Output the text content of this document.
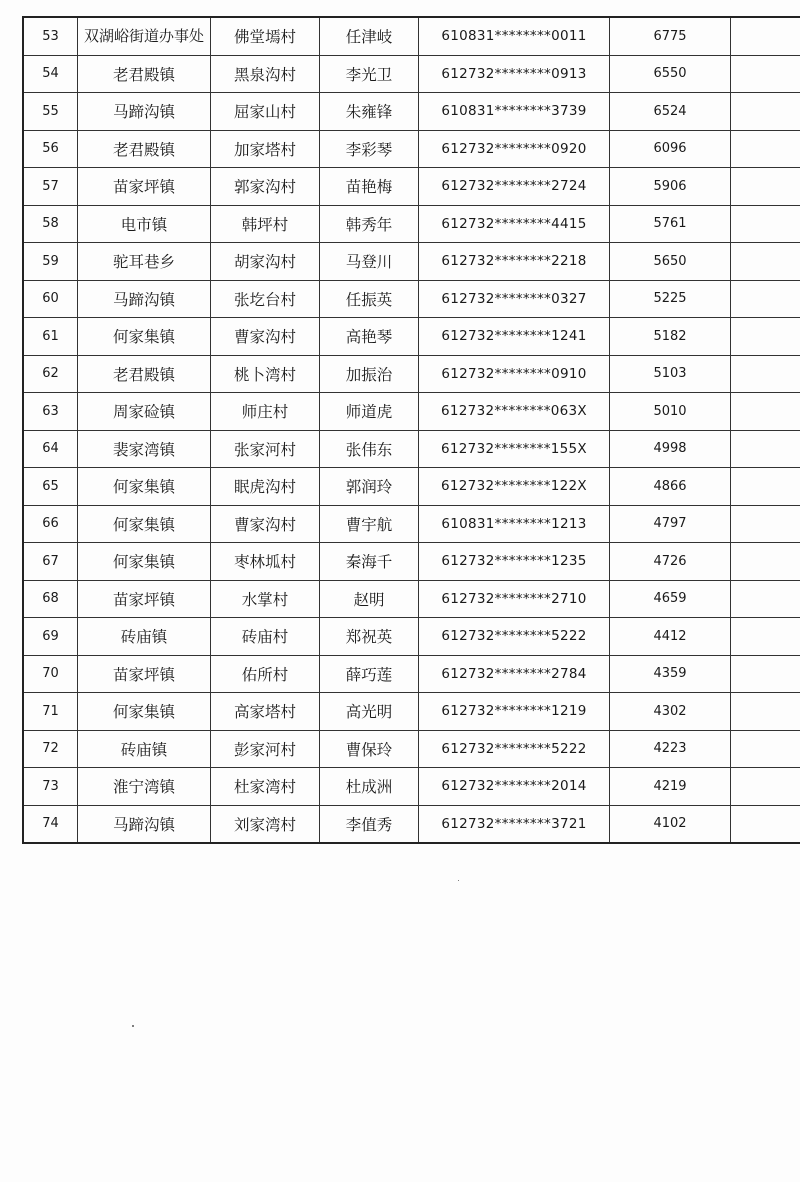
53	双湖峪街道办事处	佛堂墕村	任津岐	610831********0011	6775	
54	老君殿镇	黑泉沟村	李光卫	612732********0913	6550	
55	马蹄沟镇	屈家山村	朱雍锋	610831********3739	6524	
56	老君殿镇	加家塔村	李彩琴	612732********0920	6096	
57	苗家坪镇	郭家沟村	苗艳梅	612732********2724	5906	
58	电市镇	韩坪村	韩秀年	612732********4415	5761	
59	驼耳巷乡	胡家沟村	马登川	612732********2218	5650	
60	马蹄沟镇	张圪台村	任振英	612732********0327	5225	
61	何家集镇	曹家沟村	高艳琴	612732********1241	5182	
62	老君殿镇	桃卜湾村	加振治	612732********0910	5103	
63	周家硷镇	师庄村	师道虎	612732********063X	5010	
64	裴家湾镇	张家河村	张伟东	612732********155X	4998	
65	何家集镇	眠虎沟村	郭润玲	612732********122X	4866	
66	何家集镇	曹家沟村	曹宇航	610831********1213	4797	
67	何家集镇	枣林坬村	秦海千	612732********1235	4726	
68	苗家坪镇	水掌村	赵明	612732********2710	4659	
69	砖庙镇	砖庙村	郑祝英	612732********5222	4412	
70	苗家坪镇	佑所村	薛巧莲	612732********2784	4359	
71	何家集镇	高家塔村	高光明	612732********1219	4302	
72	砖庙镇	彭家河村	曹保玲	612732********5222	4223	
73	淮宁湾镇	杜家湾村	杜成洲	612732********2014	4219	
74	马蹄沟镇	刘家湾村	李值秀	612732********3721	4102	
